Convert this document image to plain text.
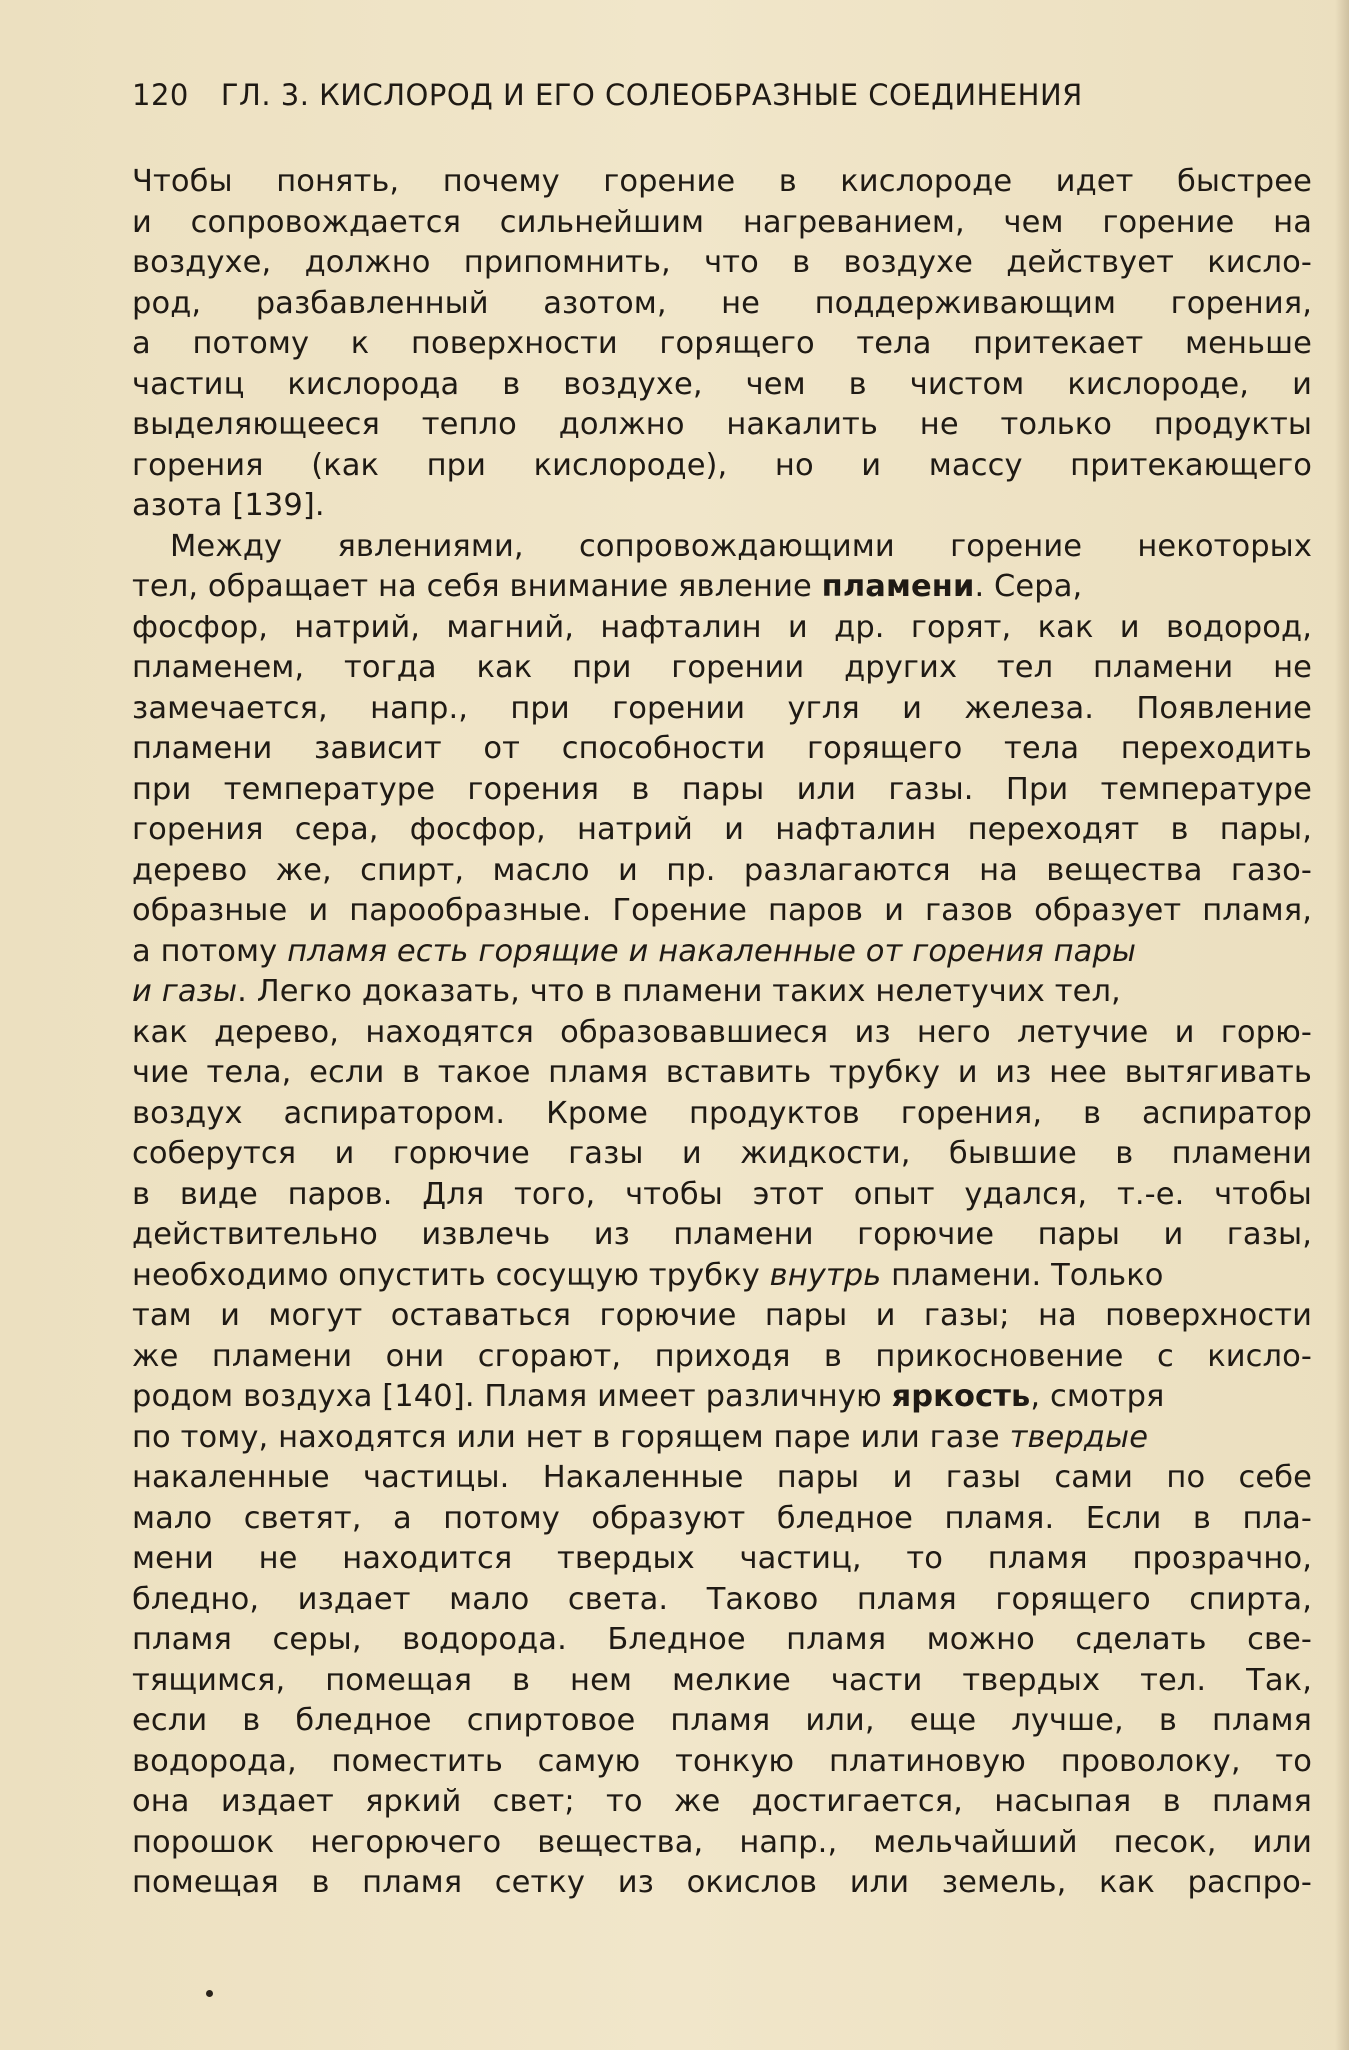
120 ГЛ. 3. КИСЛОРОД И ЕГО СОЛЕОБРАЗНЫЕ СОЕДИНЕНИЯ
Чтобы понять, почему горение в кислороде идет быстрее
и сопровождается сильнейшим нагреванием, чем горение на
воздухе, должно припомнить, что в воздухе действует кисло-
род, разбавленный азотом, не поддерживающим горения,
а потому к поверхности горящего тела притекает меньше
частиц кислорода в воздухе, чем в чистом кислороде, и
выделяющееся тепло должно накалить не только продукты
горения (как при кислороде), но и массу притекающего
азота [139].
Между явлениями, сопровождающими горение некоторых
тел, обращает на себя внимание явление пламени. Сера,
фосфор, натрий, магний, нафталин и др. горят, как и водород,
пламенем, тогда как при горении других тел пламени не
замечается, напр., при горении угля и железа. Появление
пламени зависит от способности горящего тела переходить
при температуре горения в пары или газы. При температуре
горения сера, фосфор, натрий и нафталин переходят в пары,
дерево же, спирт, масло и пр. разлагаются на вещества газо-
образные и парообразные. Горение паров и газов образует пламя,
а потому пламя есть горящие и накаленные от горения пары
и газы. Легко доказать, что в пламени таких нелетучих тел,
как дерево, находятся образовавшиеся из него летучие и горю-
чие тела, если в такое пламя вставить трубку и из нее вытягивать
воздух аспиратором. Кроме продуктов горения, в аспиратор
соберутся и горючие газы и жидкости, бывшие в пламени
в виде паров. Для того, чтобы этот опыт удался, т.-е. чтобы
действительно извлечь из пламени горючие пары и газы,
необходимо опустить сосущую трубку внутрь пламени. Только
там и могут оставаться горючие пары и газы; на поверхности
же пламени они сгорают, приходя в прикосновение с кисло-
родом воздуха [140]. Пламя имеет различную яркость, смотря
по тому, находятся или нет в горящем паре или газе твердые
накаленные частицы. Накаленные пары и газы сами по себе
мало светят, а потому образуют бледное пламя. Если в пла-
мени не находится твердых частиц, то пламя прозрачно,
бледно, издает мало света. Таково пламя горящего спирта,
пламя серы, водорода. Бледное пламя можно сделать све-
тящимся, помещая в нем мелкие части твердых тел. Так,
если в бледное спиртовое пламя или, еще лучше, в пламя
водорода, поместить самую тонкую платиновую проволоку, то
она издает яркий свет; то же достигается, насыпая в пламя
порошок негорючего вещества, напр., мельчайший песок, или
помещая в пламя сетку из окислов или земель, как распро-
